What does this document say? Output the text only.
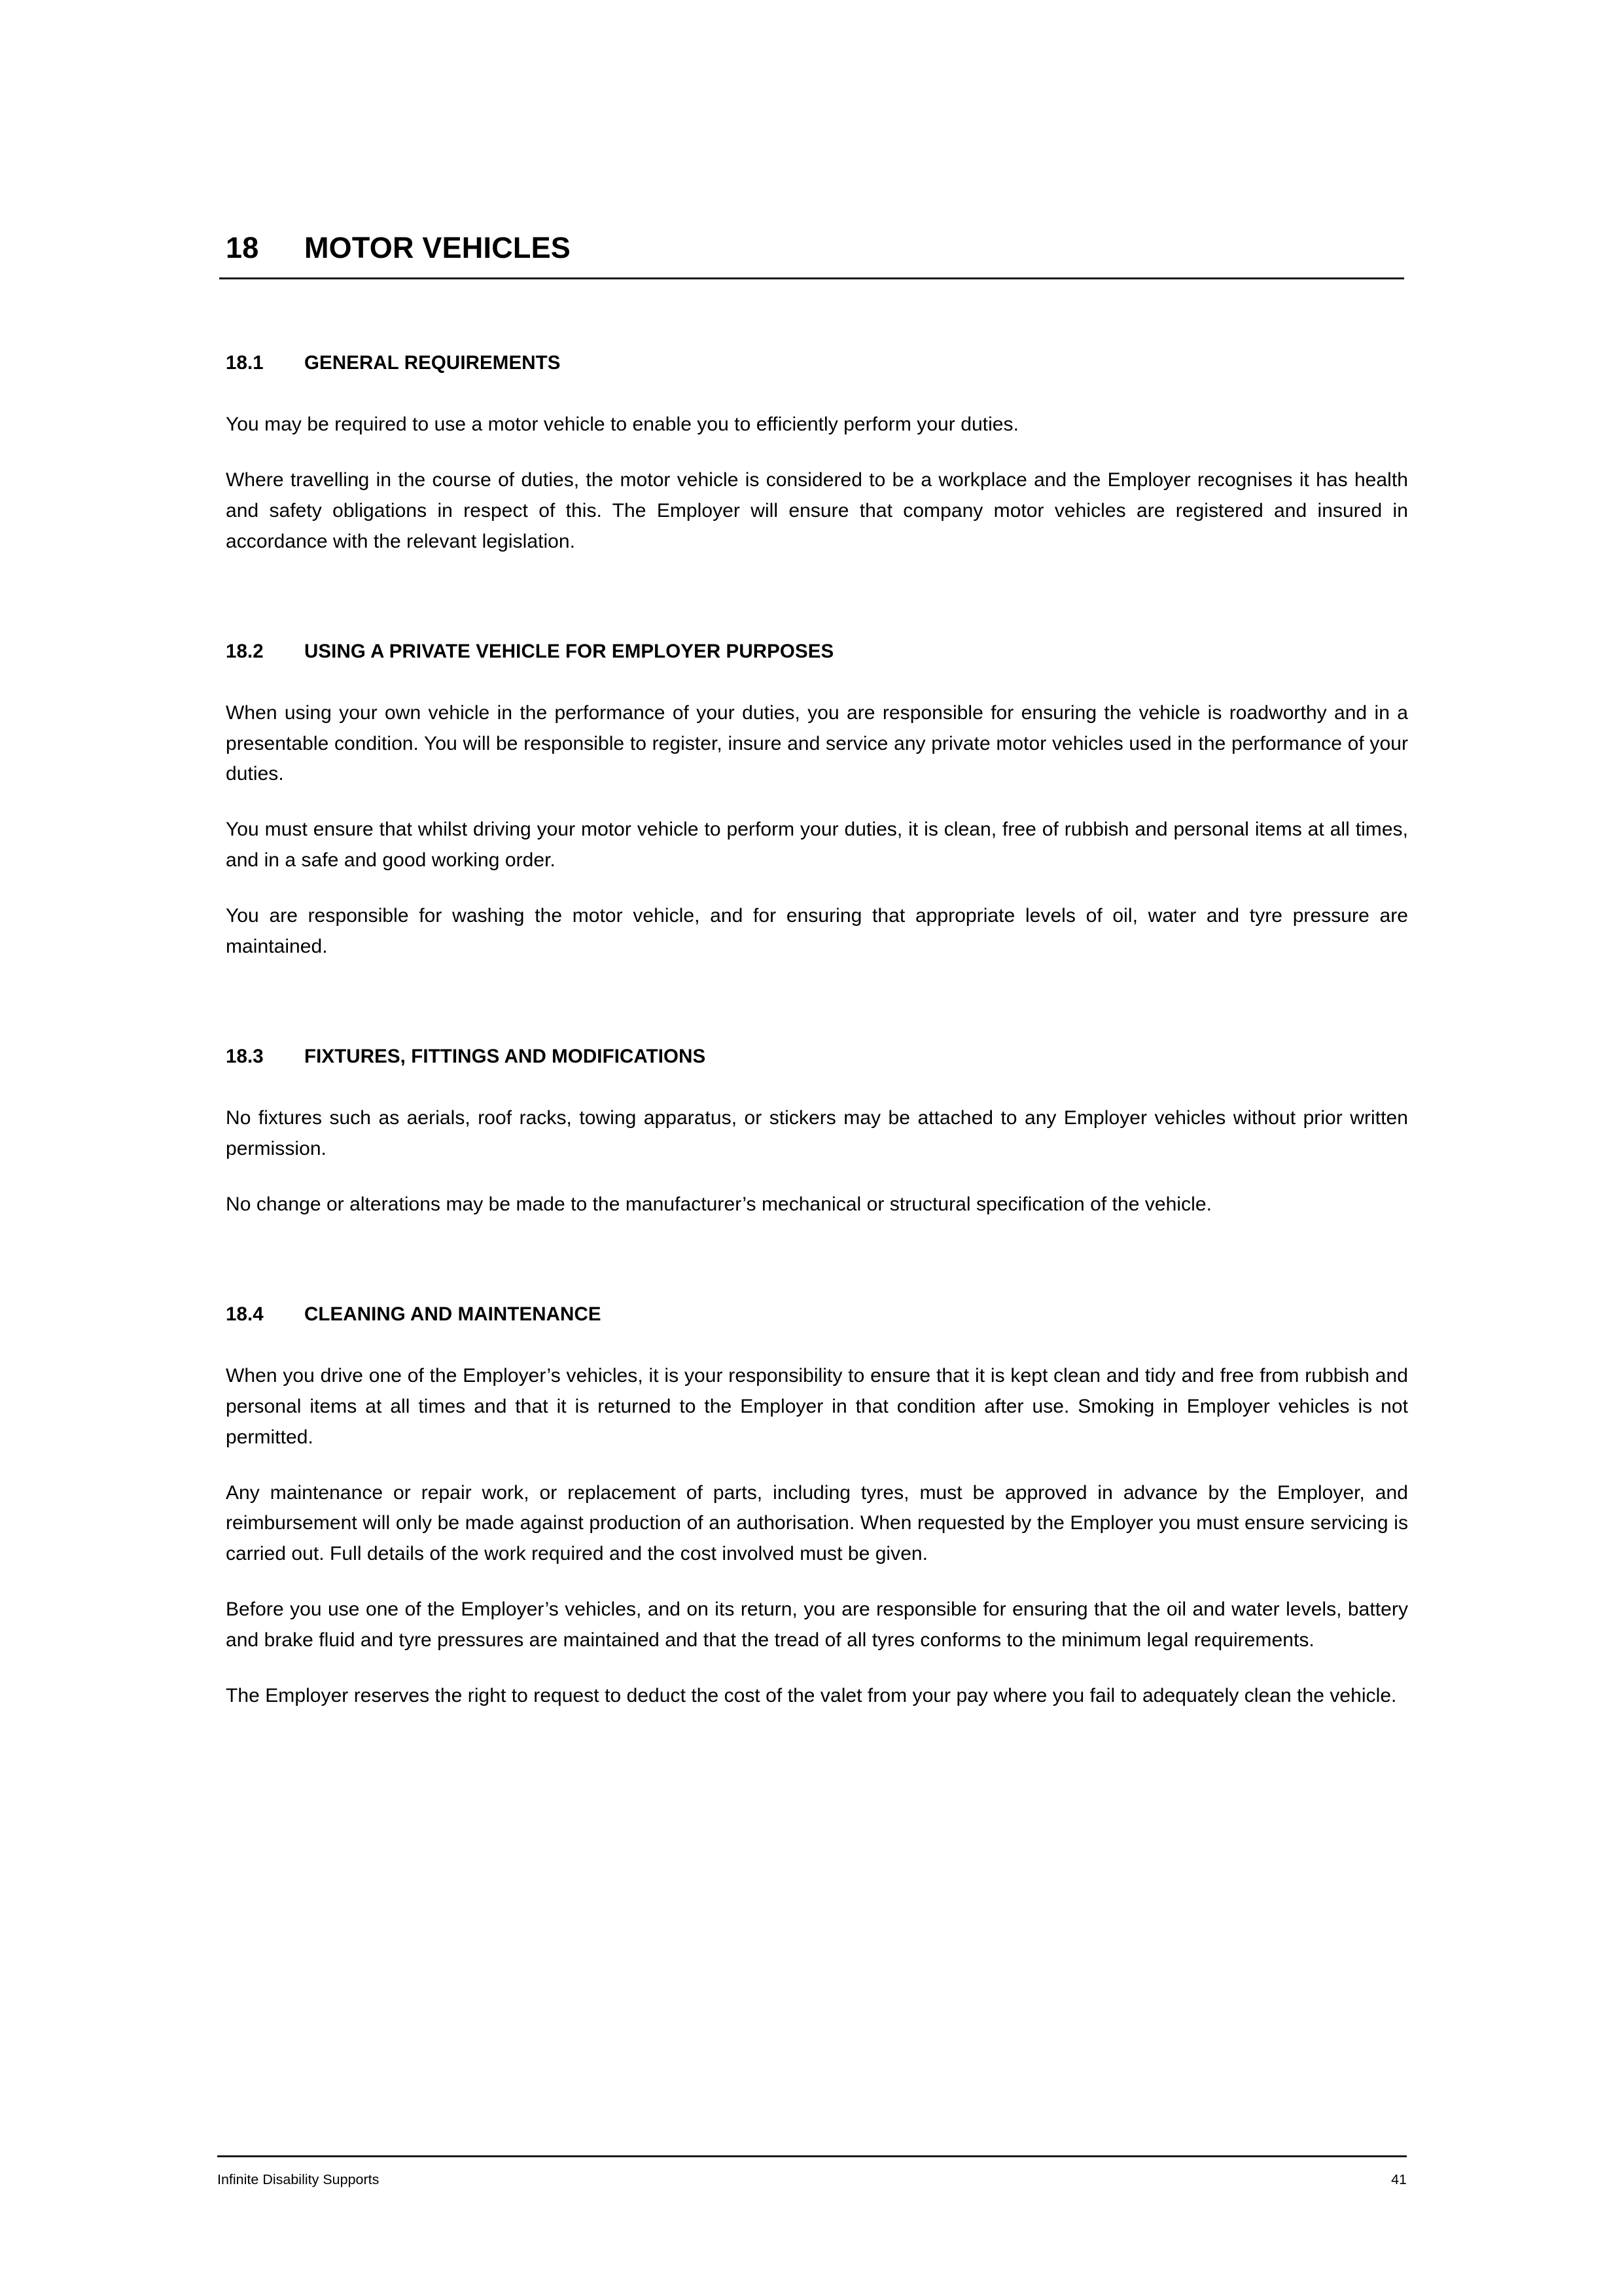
18	MOTOR VEHICLES
18.1	GENERAL REQUIREMENTS

You may be required to use a motor vehicle to enable you to efficiently perform your duties.

Where travelling in the course of duties, the motor vehicle is considered to be a workplace and the Employer recognises it has health and safety obligations in respect of this. The Employer will ensure that company motor vehicles are registered and insured in accordance with the relevant legislation.

18.2	USING A PRIVATE VEHICLE FOR EMPLOYER PURPOSES

When using your own vehicle in the performance of your duties, you are responsible for ensuring the vehicle is roadworthy and in a presentable condition. You will be responsible to register, insure and service any private motor vehicles used in the performance of your duties.

You must ensure that whilst driving your motor vehicle to perform your duties, it is clean, free of rubbish and personal items at all times, and in a safe and good working order.

You are responsible for washing the motor vehicle, and for ensuring that appropriate levels of oil, water and tyre pressure are maintained.

18.3	FIXTURES, FITTINGS AND MODIFICATIONS

No fixtures such as aerials, roof racks, towing apparatus, or stickers may be attached to any Employer vehicles without prior written permission.

No change or alterations may be made to the manufacturer’s mechanical or structural specification of the vehicle.

18.4	CLEANING AND MAINTENANCE

When you drive one of the Employer’s vehicles, it is your responsibility to ensure that it is kept clean and tidy and free from rubbish and personal items at all times and that it is returned to the Employer in that condition after use. Smoking in Employer vehicles is not permitted.

Any maintenance or repair work, or replacement of parts, including tyres, must be approved in advance by the Employer, and reimbursement will only be made against production of an authorisation. When requested by the Employer you must ensure servicing is carried out. Full details of the work required and the cost involved must be given.

Before you use one of the Employer’s vehicles, and on its return, you are responsible for ensuring that the oil and water levels, battery and brake fluid and tyre pressures are maintained and that the tread of all tyres conforms to the minimum legal requirements.

The Employer reserves the right to request to deduct the cost of the valet from your pay where you fail to adequately clean the vehicle.

Infinite Disability Supports	41
